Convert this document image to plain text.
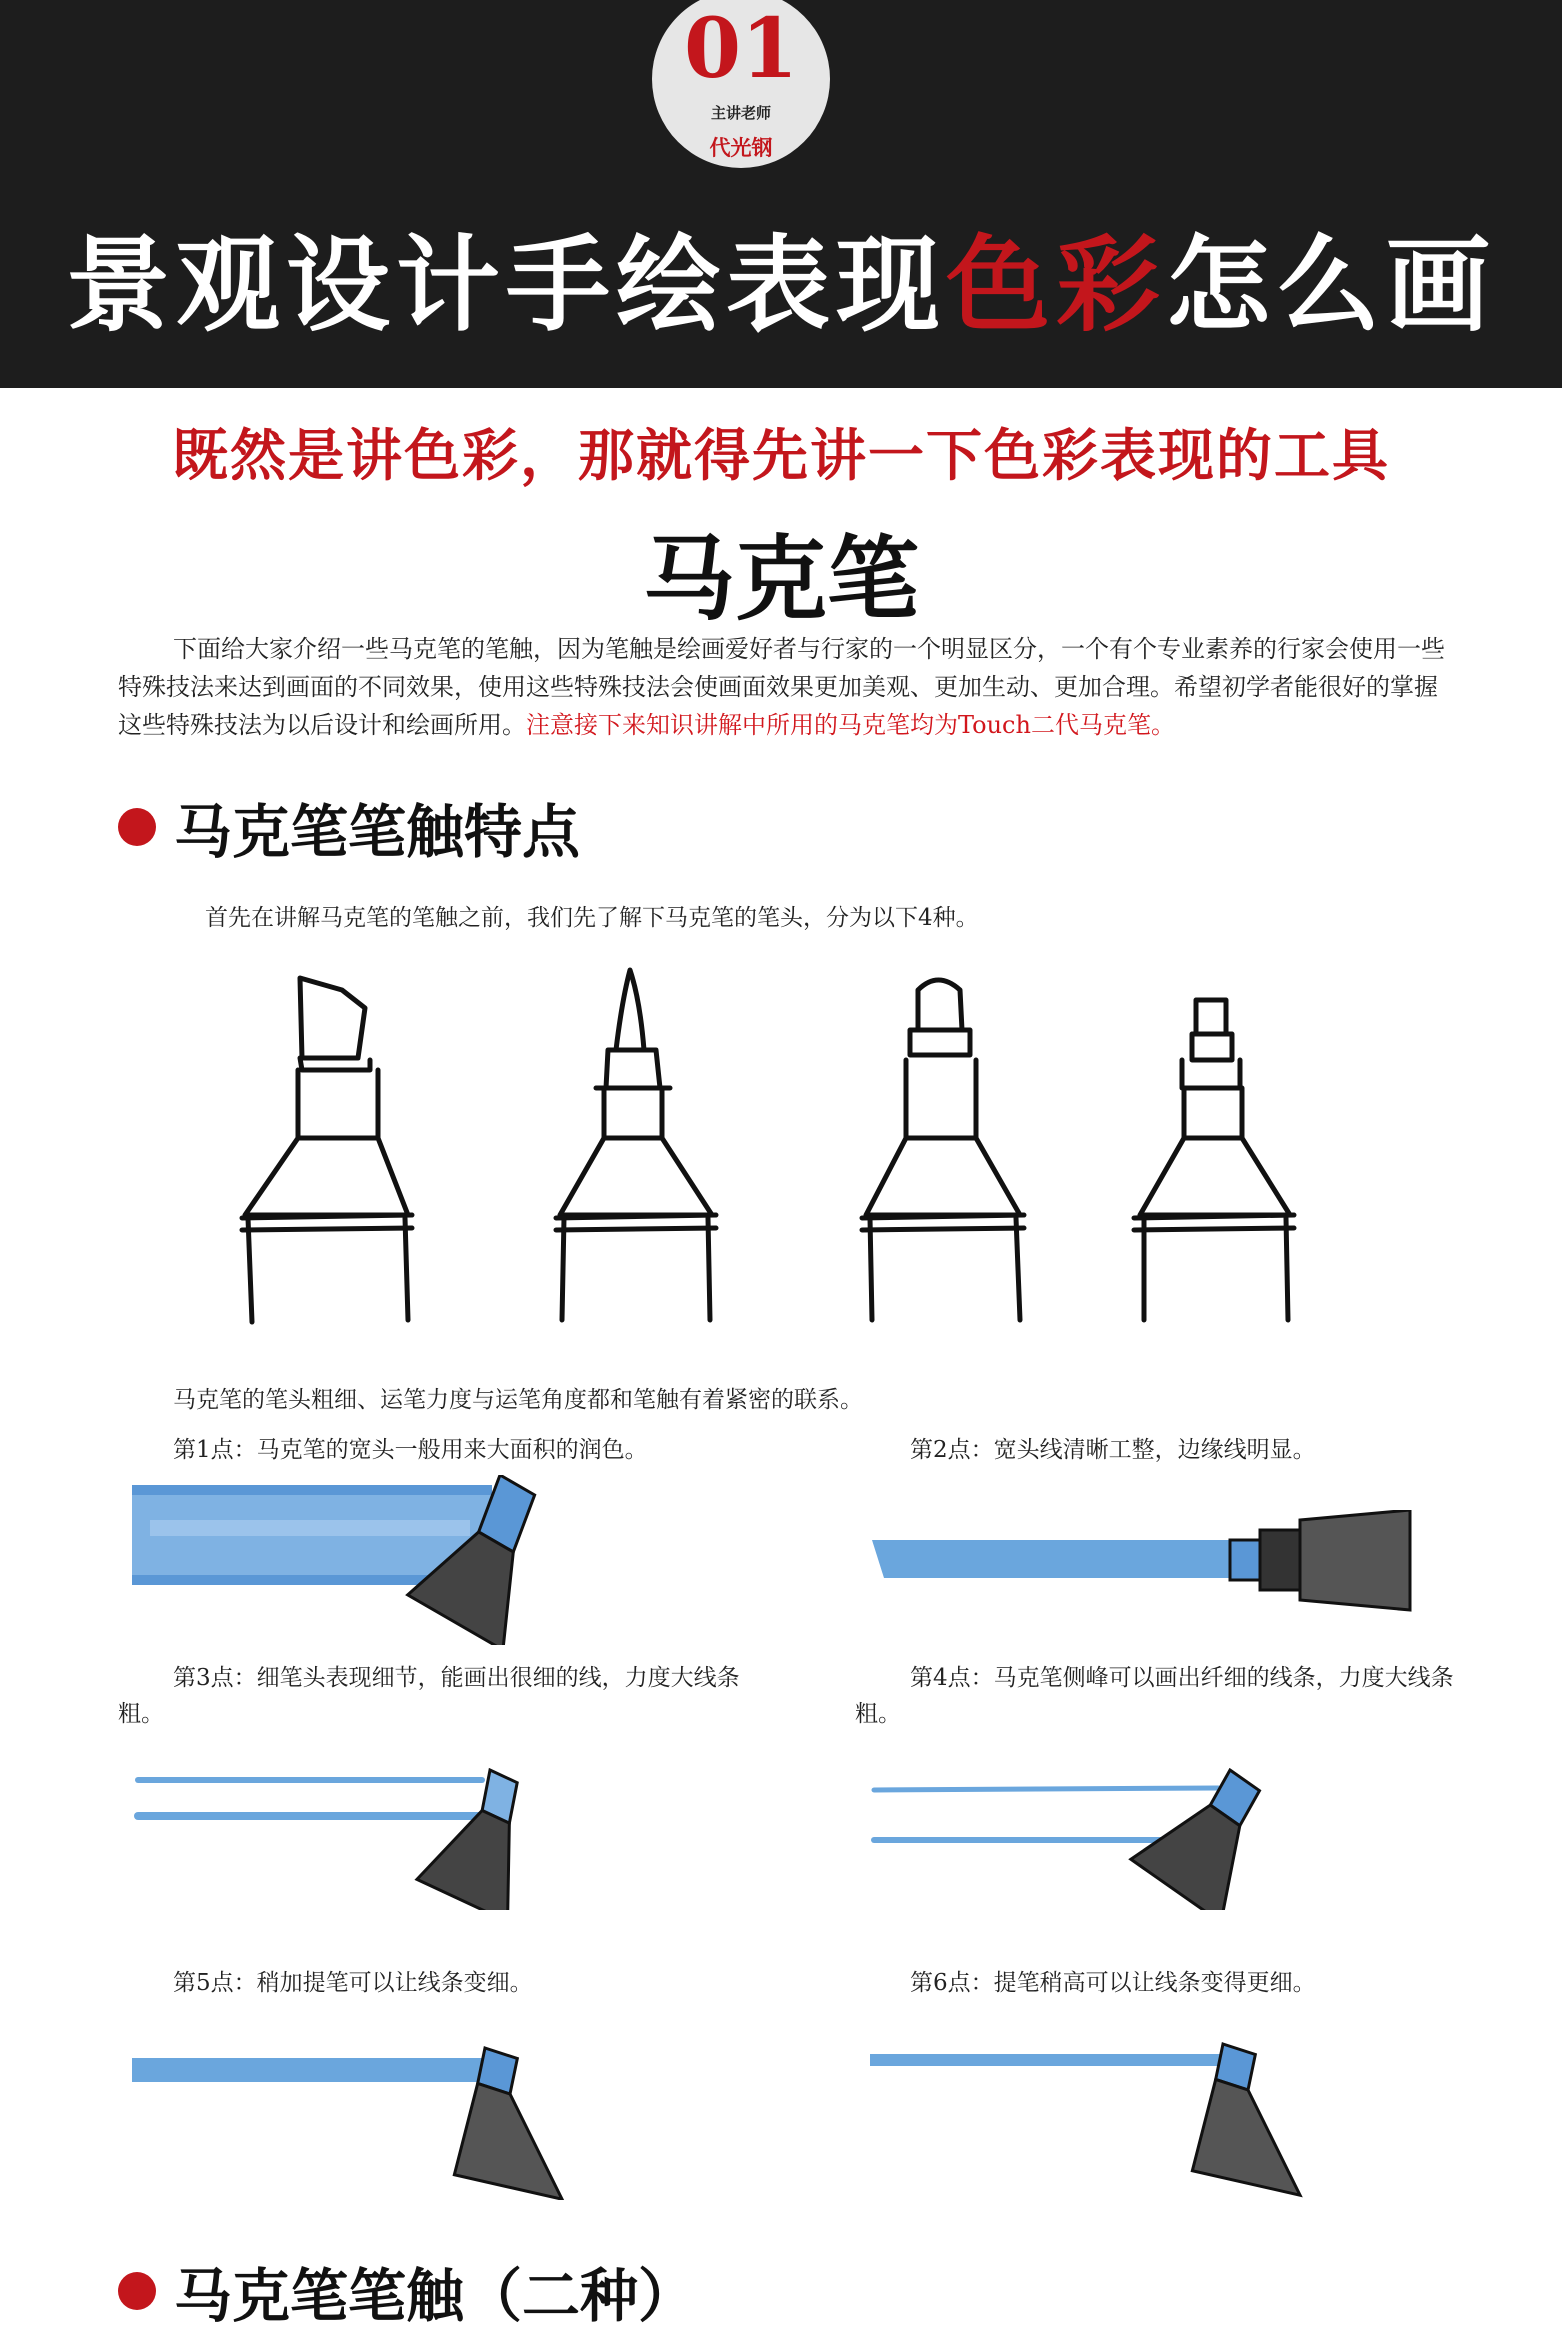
01
主讲老师
代光钢
景观设计手绘表现色彩怎么画
既然是讲色彩，那就得先讲一下色彩表现的工具
马克笔
下面给大家介绍一些马克笔的笔触，因为笔触是绘画爱好者与行家的一个明显区分，一个有个专业素养的行家会使用一些特殊技法来达到画面的不同效果，使用这些特殊技法会使画面效果更加美观、更加生动、更加合理。希望初学者能很好的掌握这些特殊技法为以后设计和绘画所用。注意接下来知识讲解中所用的马克笔均为Touch二代马克笔。
马克笔笔触特点
首先在讲解马克笔的笔触之前，我们先了解下马克笔的笔头，分为以下4种。
马克笔的笔头粗细、运笔力度与运笔角度都和笔触有着紧密的联系。
第1点：马克笔的宽头一般用来大面积的润色。	第2点：宽头线清晰工整，边缘线明显。
第3点：细笔头表现细节，能画出很细的线，力度大线条粗。
第4点：马克笔侧峰可以画出纤细的线条，力度大线条粗。
第5点：稍加提笔可以让线条变细。	第6点：提笔稍高可以让线条变得更细。
马克笔笔触（二种）
